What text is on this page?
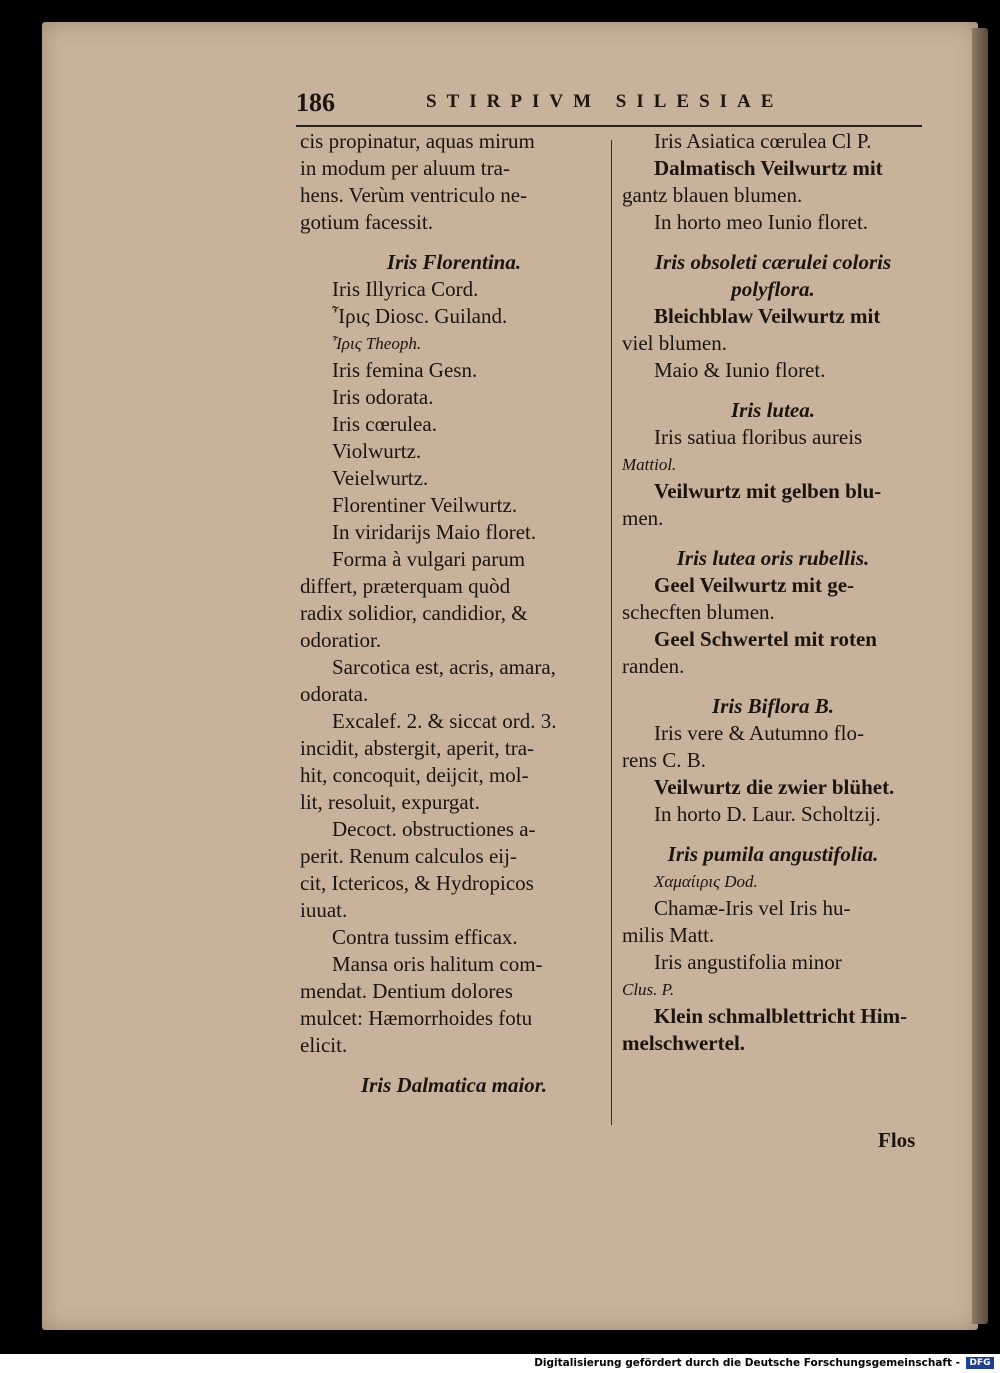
186	STIRPIVM SILESIAE
cis propinatur, aquas mirum
in modum per aluum tra-
hens. Verùm ventriculo ne-
gotium facessit.
Iris Florentina.
Iris Illyrica Cord.
Ἶρις Diosc. Guiland.
Ἶρις Theoph.
Iris femina Gesn.
Iris odorata.
Iris cœrulea.
Violwurtz.
Veielwurtz.
Florentiner Veilwurtz.
In viridarijs Maio floret.
Forma à vulgari parum
differt, præterquam quòd
radix solidior, candidior, &
odoratior.
Sarcotica est, acris, amara,
odorata.
Excalef. 2. & siccat ord. 3.
incidit, abstergit, aperit, tra-
hit, concoquit, deijcit, mol-
lit, resoluit, expurgat.
Decoct. obstructiones a-
perit. Renum calculos eij-
cit, Ictericos, & Hydropicos
iuuat.
Contra tussim efficax.
Mansa oris halitum com-
mendat. Dentium dolores
mulcet: Hæmorrhoides fotu
elicit.
Iris Dalmatica maior.
Iris Asiatica cœrulea Cl P.
Dalmatisch Veilwurtz mit
gantz blauen blumen.
In horto meo Iunio floret.
Iris obsoleti cærulei coloris
polyflora.
Bleichblaw Veilwurtz mit
viel blumen.
Maio & Iunio floret.
Iris lutea.
Iris satiua floribus aureis
Mattiol.
Veilwurtz mit gelben blu-
men.
Iris lutea oris rubellis.
Geel Veilwurtz mit ge-
schecften blumen.
Geel Schwertel mit roten
randen.
Iris Biflora B.
Iris vere & Autumno flo-
rens C. B.
Veilwurtz die zwier blühet.
In horto D. Laur. Scholtzij.
Iris pumila angustifolia.
Χαμαίιρις Dod.
Chamæ-Iris vel Iris hu-
milis Matt.
Iris angustifolia minor
Clus. P.
Klein schmalblettricht Him-
melschwertel.
Flos
Digitalisierung gefördert durch die Deutsche Forschungsgemeinschaft -	DFG
